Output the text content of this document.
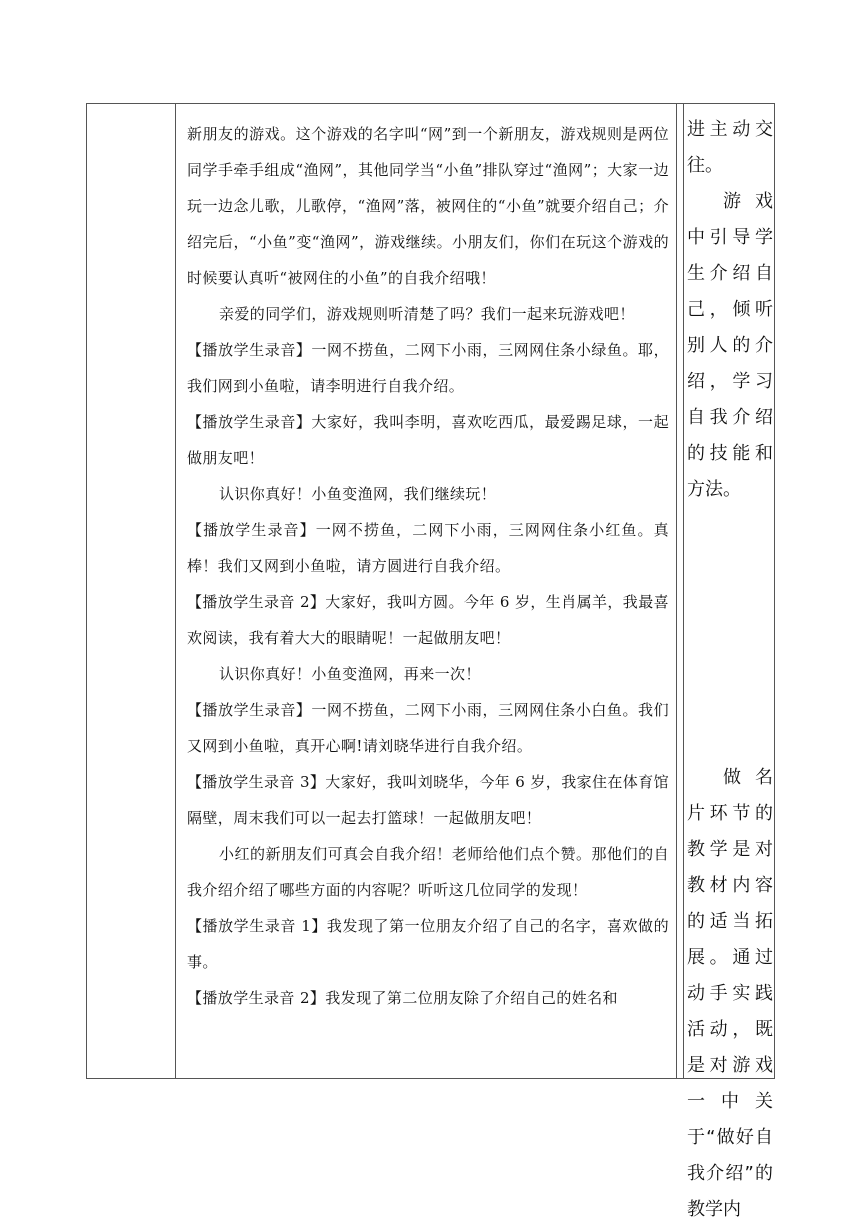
新朋友的游戏。这个游戏的名字叫“网”到一个新朋友，游戏规则是两位同学手牵手组成“渔网”，其他同学当“小鱼”排队穿过“渔网”；大家一边玩一边念儿歌，儿歌停，“渔网”落，被网住的“小鱼”就要介绍自己；介绍完后，“小鱼”变“渔网”，游戏继续。小朋友们，你们在玩这个游戏的时候要认真听“被网住的小鱼”的自我介绍哦！

亲爱的同学们，游戏规则听清楚了吗？我们一起来玩游戏吧！

【播放学生录音】一网不捞鱼，二网下小雨，三网网住条小绿鱼。耶，我们网到小鱼啦，请李明进行自我介绍。

【播放学生录音】大家好，我叫李明，喜欢吃西瓜，最爱踢足球，一起做朋友吧！

认识你真好！小鱼变渔网，我们继续玩！

【播放学生录音】一网不捞鱼，二网下小雨，三网网住条小红鱼。真棒！我们又网到小鱼啦，请方圆进行自我介绍。

【播放学生录音 2】大家好，我叫方圆。今年 6 岁，生肖属羊，我最喜欢阅读，我有着大大的眼睛呢！一起做朋友吧！

认识你真好！小鱼变渔网，再来一次！

【播放学生录音】一网不捞鱼，二网下小雨，三网网住条小白鱼。我们又网到小鱼啦，真开心啊!请刘晓华进行自我介绍。

【播放学生录音 3】大家好，我叫刘晓华，今年 6 岁，我家住在体育馆隔壁，周末我们可以一起去打篮球！一起做朋友吧！

小红的新朋友们可真会自我介绍！老师给他们点个赞。那他们的自我介绍介绍了哪些方面的内容呢？听听这几位同学的发现！

【播放学生录音 1】我发现了第一位朋友介绍了自己的名字，喜欢做的事。

【播放学生录音 2】我发现了第二位朋友除了介绍自己的姓名和

进主动交往。

游戏中引导学生介绍自己，倾听别人的介绍，学习自我介绍的技能和方法。

做名片环节的教学是对教材内容的适当拓展。通过动手实践活动，既是对游戏一中关于“做好自我介绍”的教学内
